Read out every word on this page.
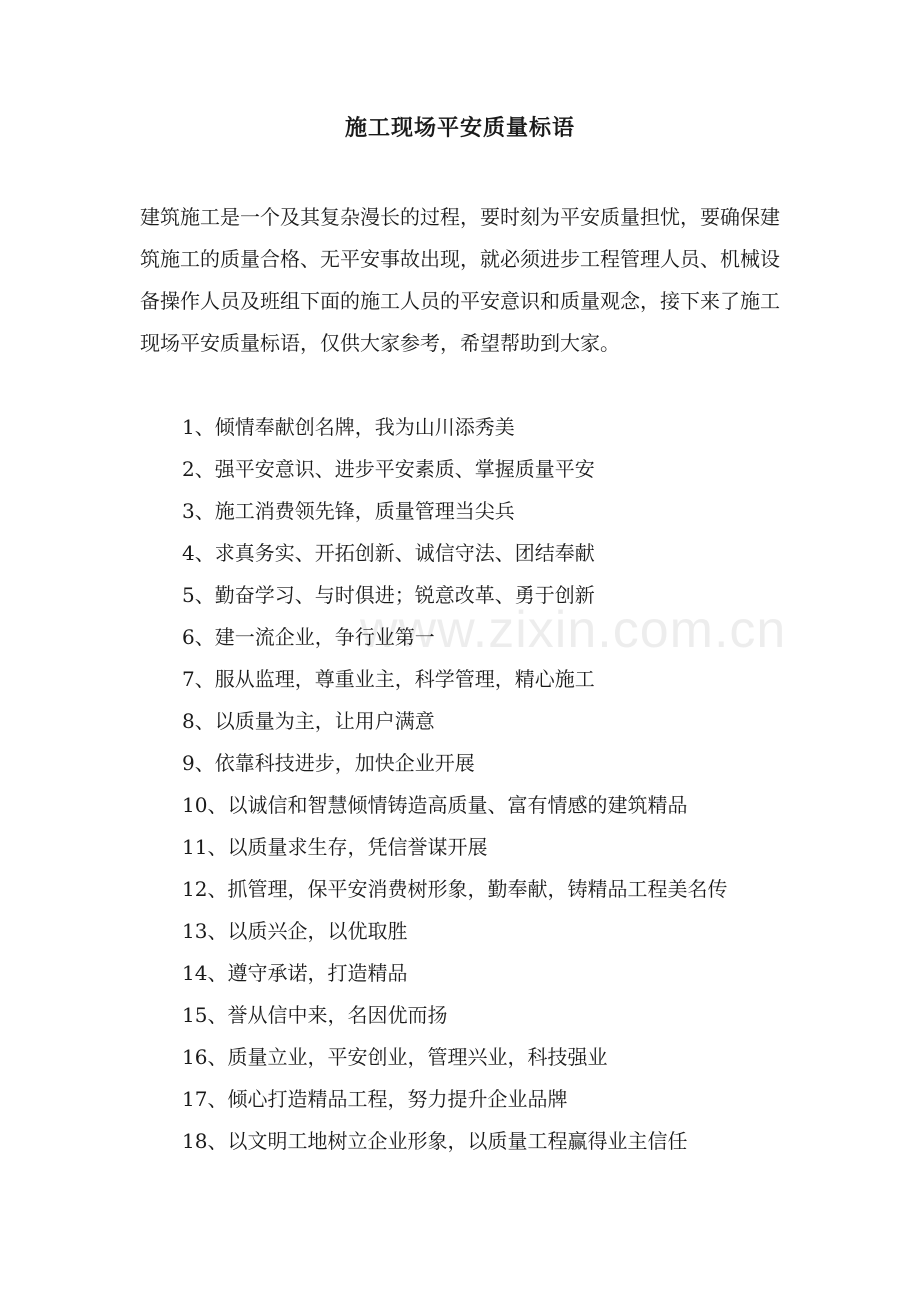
施工现场平安质量标语

建筑施工是一个及其复杂漫长的过程，要时刻为平安质量担忧，要确保建筑施工的质量合格、无平安事故出现，就必须进步工程管理人员、机械设备操作人员及班组下面的施工人员的平安意识和质量观念，接下来了施工现场平安质量标语，仅供大家参考，希望帮助到大家。

1、倾情奉献创名牌，我为山川添秀美
2、强平安意识、进步平安素质、掌握质量平安
3、施工消费领先锋，质量管理当尖兵
4、求真务实、开拓创新、诚信守法、团结奉献
5、勤奋学习、与时俱进；锐意改革、勇于创新
6、建一流企业，争行业第一
7、服从监理，尊重业主，科学管理，精心施工
8、以质量为主，让用户满意
9、依靠科技进步，加快企业开展
10、以诚信和智慧倾情铸造高质量、富有情感的建筑精品
11、以质量求生存，凭信誉谋开展
12、抓管理，保平安消费树形象，勤奉献，铸精品工程美名传
13、以质兴企，以优取胜
14、遵守承诺，打造精品
15、誉从信中来，名因优而扬
16、质量立业，平安创业，管理兴业，科技强业
17、倾心打造精品工程，努力提升企业品牌
18、以文明工地树立企业形象，以质量工程赢得业主信任
www.zixin.com.cn
